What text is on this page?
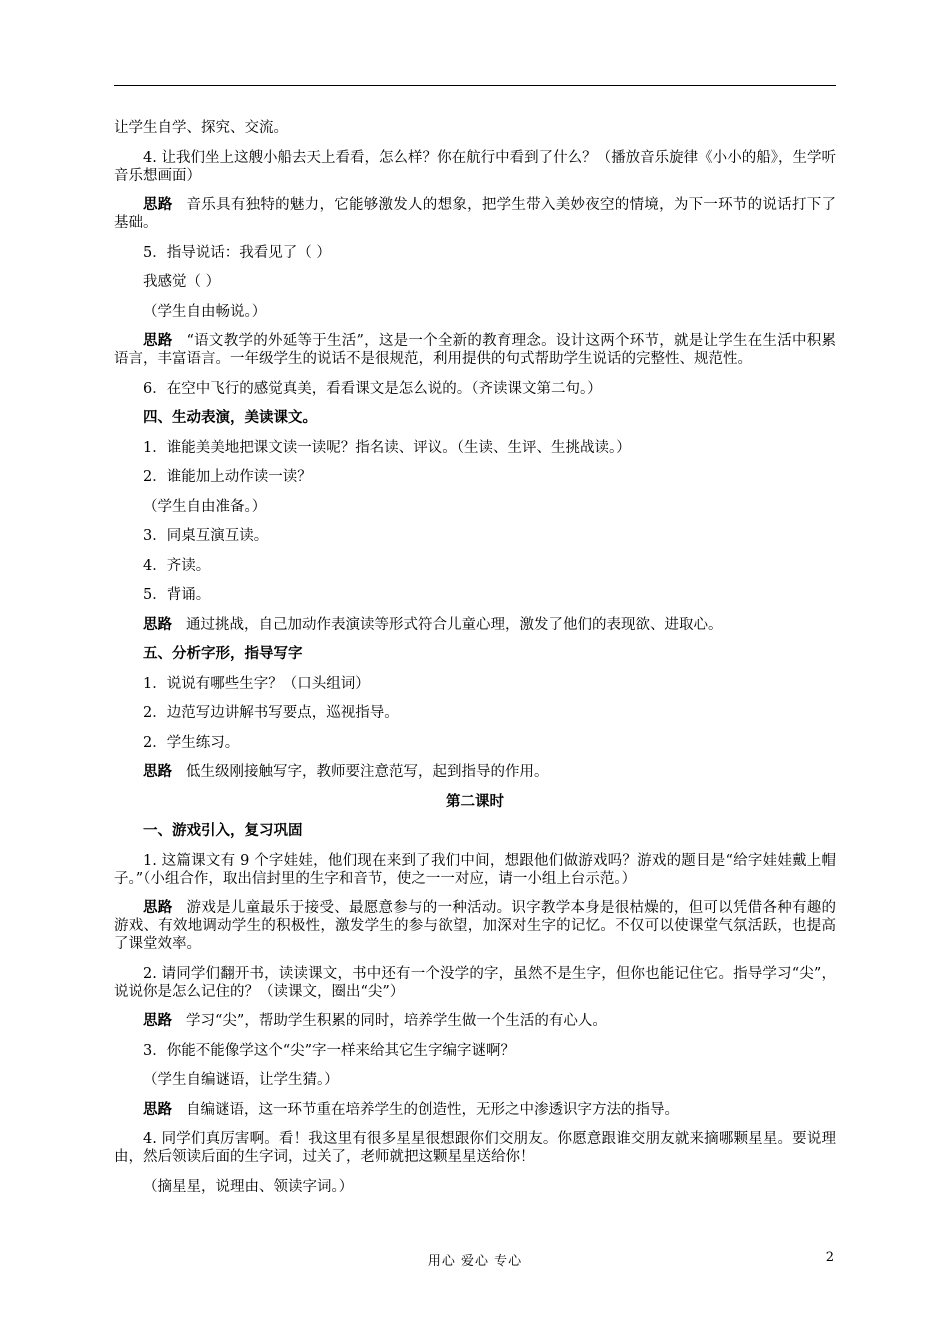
让学生自学、探究、交流。

4. 让我们坐上这艘小船去天上看看，怎么样？你在航行中看到了什么？（播放音乐旋律《小小的船》，生学听音乐想画面）

思路 音乐具有独特的魅力，它能够激发人的想象，把学生带入美妙夜空的情境，为下一环节的说话打下了基础。

5．指导说话：我看见了（ ）

我感觉（ ）

（学生自由畅说。）

思路 “语文教学的外延等于生活”，这是一个全新的教育理念。设计这两个环节，就是让学生在生活中积累语言，丰富语言。一年级学生的说话不是很规范，利用提供的句式帮助学生说话的完整性、规范性。

6．在空中飞行的感觉真美，看看课文是怎么说的。（齐读课文第二句。）

四、生动表演，美读课文。

1．谁能美美地把课文读一读呢？指名读、评议。（生读、生评、生挑战读。）

2．谁能加上动作读一读？

（学生自由准备。）

3．同桌互演互读。

4．齐读。

5．背诵。

思路 通过挑战，自己加动作表演读等形式符合儿童心理，激发了他们的表现欲、进取心。

五、分析字形，指导写字

1．说说有哪些生字？（口头组词）

2．边范写边讲解书写要点，巡视指导。

2．学生练习。

思路 低生级刚接触写字，教师要注意范写，起到指导的作用。

第二课时

一、游戏引入，复习巩固

1. 这篇课文有 9 个字娃娃，他们现在来到了我们中间，想跟他们做游戏吗？游戏的题目是“给字娃娃戴上帽子。”（小组合作，取出信封里的生字和音节，使之一一对应，请一小组上台示范。）

思路 游戏是儿童最乐于接受、最愿意参与的一种活动。识字教学本身是很枯燥的，但可以凭借各种有趣的游戏、有效地调动学生的积极性，激发学生的参与欲望，加深对生字的记忆。不仅可以使课堂气氛活跃，也提高了课堂效率。

2. 请同学们翻开书，读读课文，书中还有一个没学的字，虽然不是生字，但你也能记住它。指导学习“尖”，说说你是怎么记住的？（读课文，圈出“尖”）

思路 学习“尖”，帮助学生积累的同时，培养学生做一个生活的有心人。

3．你能不能像学这个“尖”字一样来给其它生字编字谜啊？

（学生自编谜语，让学生猜。）

思路 自编谜语，这一环节重在培养学生的创造性，无形之中渗透识字方法的指导。

4. 同学们真厉害啊。看！我这里有很多星星很想跟你们交朋友。你愿意跟谁交朋友就来摘哪颗星星。要说理由，然后领读后面的生字词，过关了，老师就把这颗星星送给你！

（摘星星，说理由、领读字词。）

用心 爱心 专心	2
